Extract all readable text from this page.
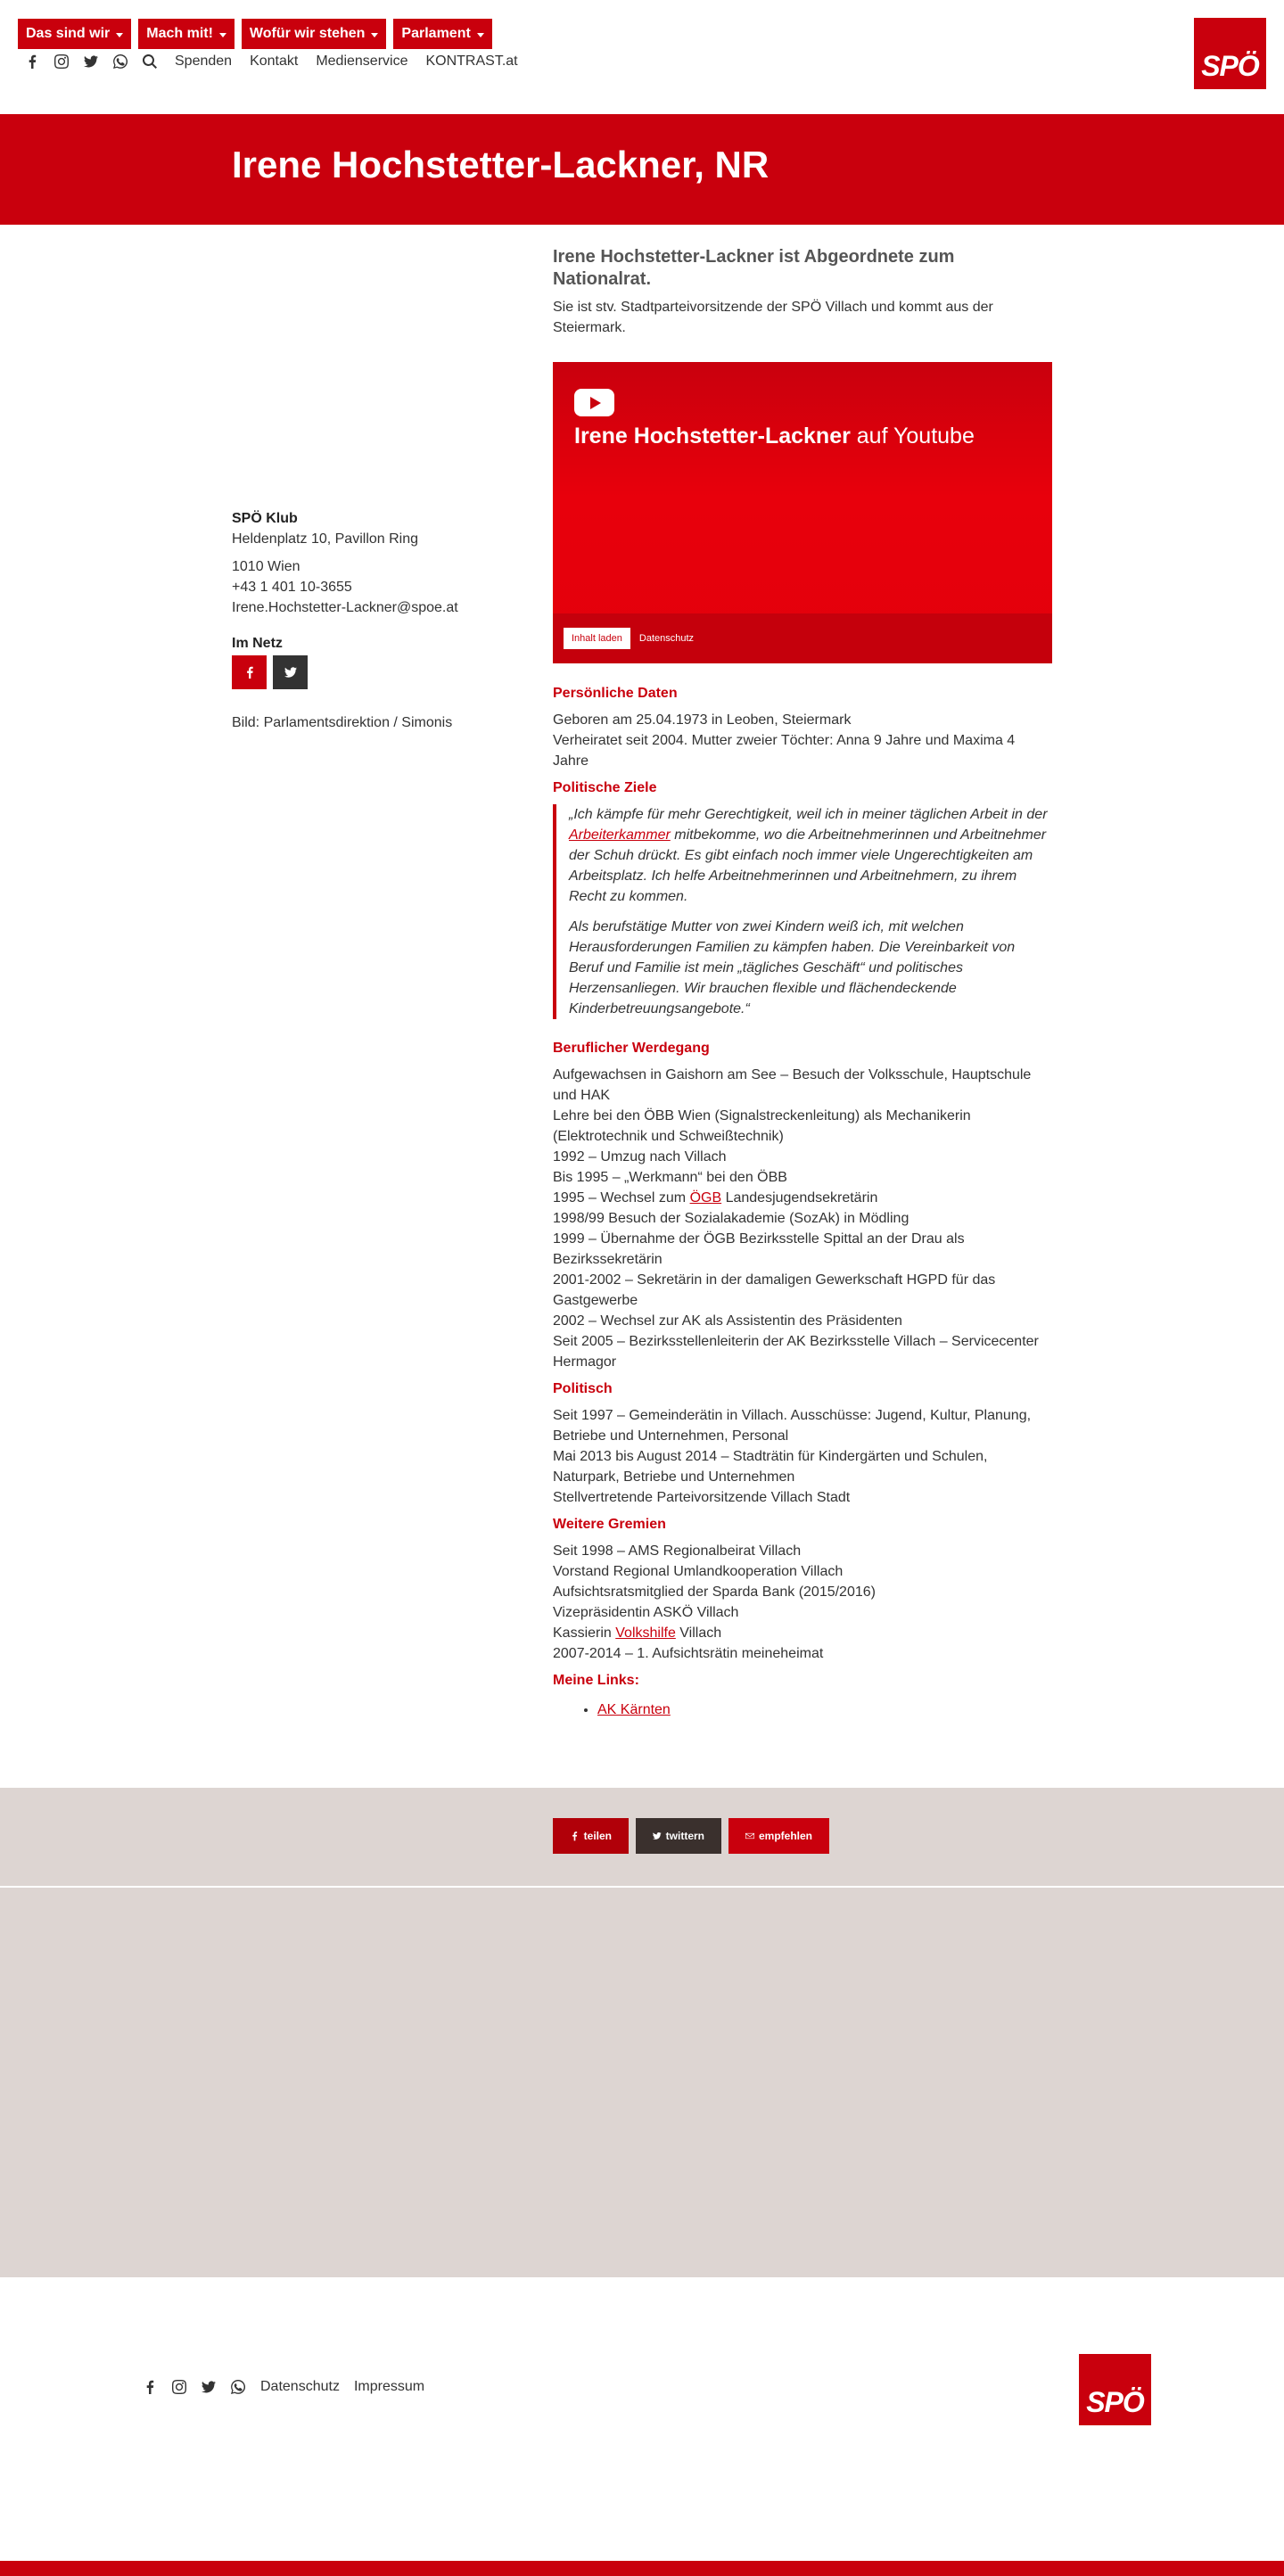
Das sind wir	Mach mit!	Wofür wir stehen	Parlament
Spenden Kontakt Medienservice KONTRAST.at	SPÖ
Irene Hochstetter-Lackner, NR
SPÖ Klub

Heldenplatz 10, Pavillon Ring

1010 Wien
+43 1 401 10-3655
Irene.Hochstetter-Lackner@spoe.at
Im Netz
Bild: Parlamentsdirektion / Simonis
Irene Hochstetter-Lackner ist Abgeordnete zum Nationalrat.
Sie ist stv. Stadtparteivorsitzende der SPÖ Villach und kommt aus der Steiermark.
Irene Hochstetter-Lackner auf Youtube
Inhalt laden	Datenschutz
Persönliche Daten
Geboren am 25.04.1973 in Leoben, Steiermark
Verheiratet seit 2004. Mutter zweier Töchter: Anna 9 Jahre und Maxima 4 Jahre
Politische Ziele

„Ich kämpfe für mehr Gerechtigkeit, weil ich in meiner täglichen Arbeit in der Arbeiterkammer mitbekomme, wo die Arbeitnehmerinnen und Arbeitnehmer der Schuh drückt. Es gibt einfach noch immer viele Ungerechtigkeiten am Arbeitsplatz. Ich helfe Arbeitnehmerinnen und Arbeitnehmern, zu ihrem Recht zu kommen.

Als berufstätige Mutter von zwei Kindern weiß ich, mit welchen Herausforderungen Familien zu kämpfen haben. Die Vereinbarkeit von Beruf und Familie ist mein „tägliches Geschäft“ und politisches Herzensanliegen. Wir brauchen flexible und flächendeckende Kinderbetreuungsangebote.“

Beruflicher Werdegang
Aufgewachsen in Gaishorn am See – Besuch der Volksschule, Hauptschule und HAK
Lehre bei den ÖBB Wien (Signalstreckenleitung) als Mechanikerin (Elektrotechnik und Schweißtechnik)
1992 – Umzug nach Villach
Bis 1995 – „Werkmann“ bei den ÖBB
1995 – Wechsel zum ÖGB Landesjugendsekretärin
1998/99 Besuch der Sozialakademie (SozAk) in Mödling
1999 – Übernahme der ÖGB Bezirksstelle Spittal an der Drau als Bezirkssekretärin
2001-2002 – Sekretärin in der damaligen Gewerkschaft HGPD für das Gastgewerbe
2002 – Wechsel zur AK als Assistentin des Präsidenten
Seit 2005 – Bezirksstellenleiterin der AK Bezirksstelle Villach – Servicecenter Hermagor
Politisch
Seit 1997 – Gemeinderätin in Villach. Ausschüsse: Jugend, Kultur, Planung, Betriebe und Unternehmen, Personal
Mai 2013 bis August 2014 – Stadträtin für Kindergärten und Schulen, Naturpark, Betriebe und Unternehmen
Stellvertretende Parteivorsitzende Villach Stadt
Weitere Gremien
Seit 1998 – AMS Regionalbeirat Villach
Vorstand Regional Umlandkooperation Villach
Aufsichtsratsmitglied der Sparda Bank (2015/2016)
Vizepräsidentin ASKÖ Villach
Kassierin Volkshilfe Villach
2007-2014 – 1. Aufsichtsrätin meineheimat
Meine Links:
• AK Kärnten
teilen	twittern	empfehlen
Datenschutz Impressum	SPÖ
